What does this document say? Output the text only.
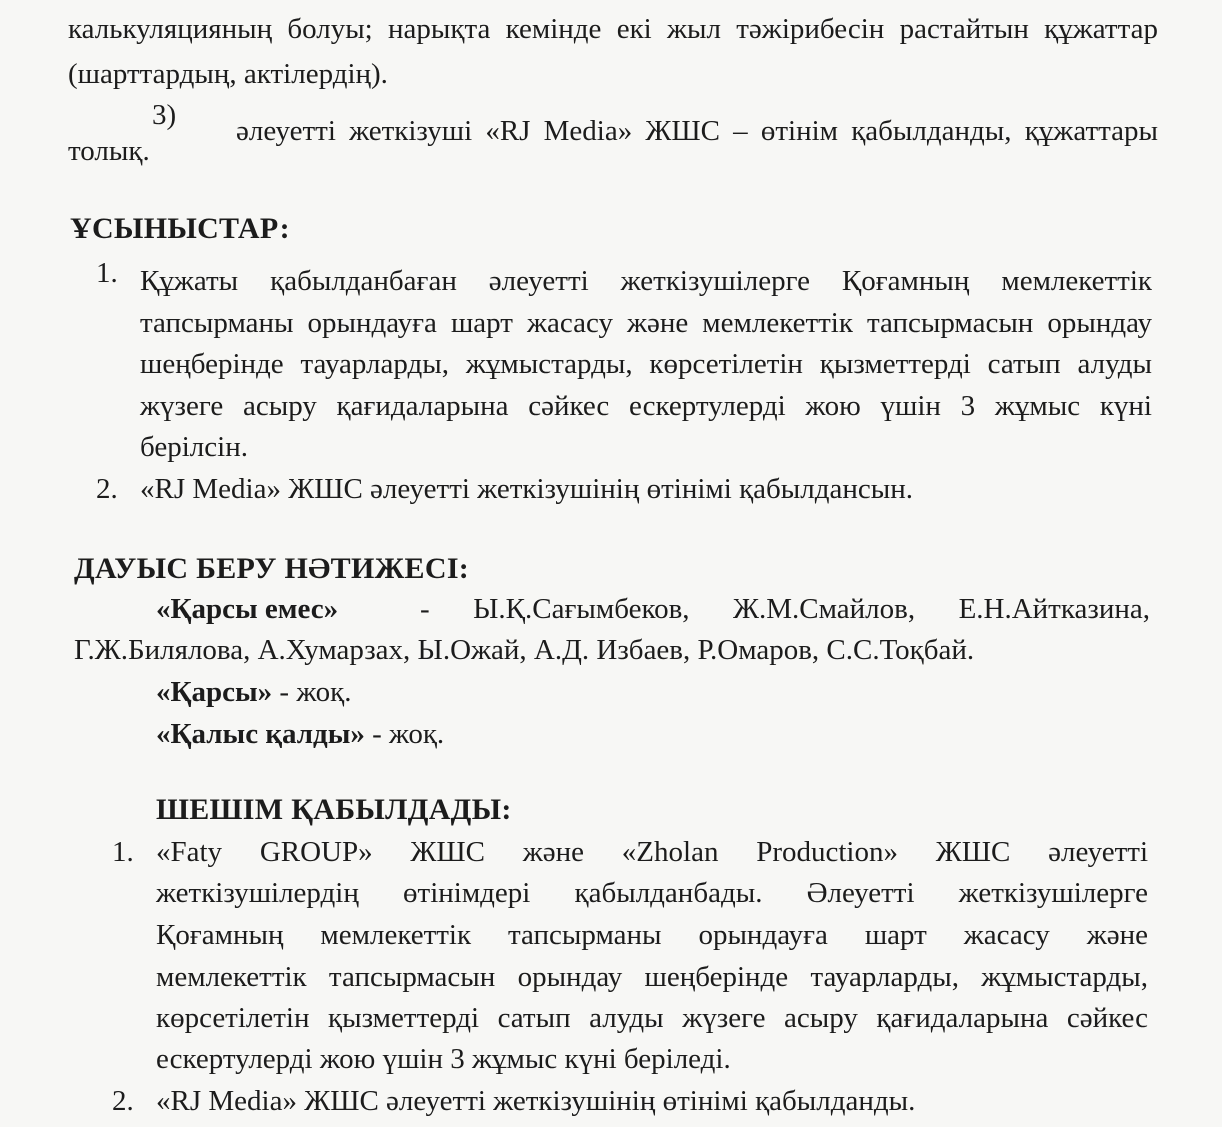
калькуляцияның болуы; нарықта кемінде екі жыл тәжірибесін растайтын құжаттар
(шарттардың, актілердің).
3) әлеуетті жеткізуші «RJ Media» ЖШС – өтінім қабылданды, құжаттары
толық.
ҰСЫНЫСТАР:
1. Құжаты қабылданбаған әлеуетті жеткізушілерге Қоғамның мемлекеттік
тапсырманы орындауға шарт жасасу және мемлекеттік тапсырмасын орындау
шеңберінде тауарларды, жұмыстарды, көрсетілетін қызметтерді сатып алуды
жүзеге асыру қағидаларына сәйкес ескертулерді жою үшін 3 жұмыс күні
берілсін.
2. «RJ Media» ЖШС әлеуетті жеткізушінің өтінімі қабылдансын.
ДАУЫС БЕРУ НӘТИЖЕСІ:
«Қарсы емес»	- Ы.Қ.Сағымбеков, Ж.М.Смайлов, Е.Н.Айтказина,
Г.Ж.Билялова, А.Хумарзах, Ы.Ожай, А.Д. Избаев, Р.Омаров, С.С.Тоқбай.
«Қарсы» - жоқ.
«Қалыс қалды» - жоқ.
ШЕШІМ ҚАБЫЛДАДЫ:
1. «Faty GROUP» ЖШС және «Zholan Production» ЖШС әлеуетті
жеткізушілердің өтінімдері қабылданбады. Әлеуетті жеткізушілерге
Қоғамның мемлекеттік тапсырманы орындауға шарт жасасу және
мемлекеттік тапсырмасын орындау шеңберінде тауарларды, жұмыстарды,
көрсетілетін қызметтерді сатып алуды жүзеге асыру қағидаларына сәйкес
ескертулерді жою үшін 3 жұмыс күні беріледі.
2. «RJ Media» ЖШС әлеуетті жеткізушінің өтінімі қабылданды.
